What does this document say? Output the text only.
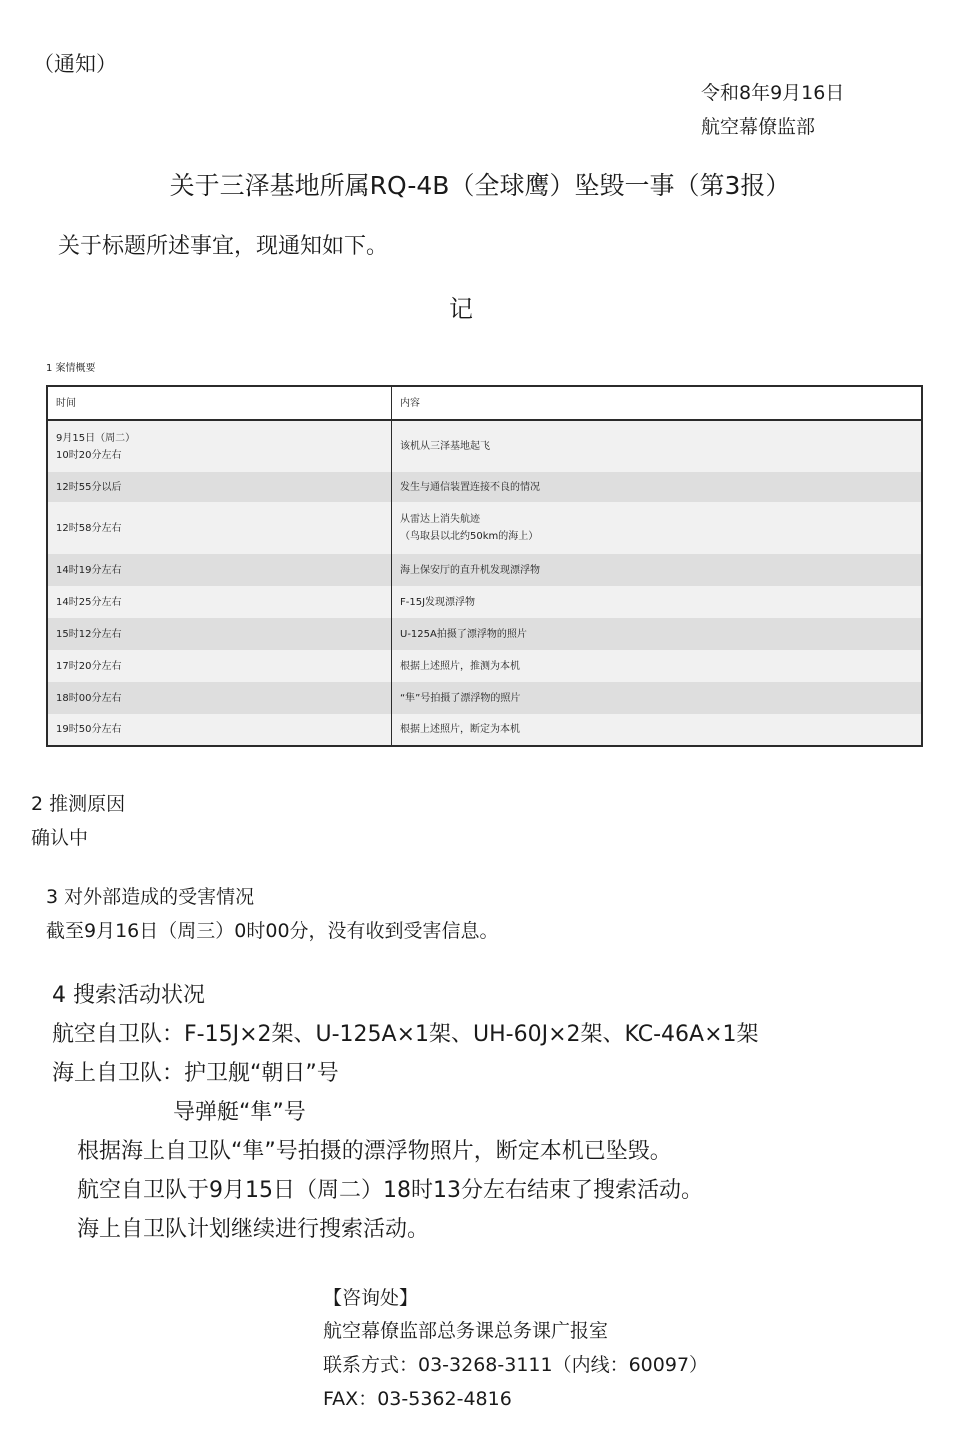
（通知）
令和8年9月16日
航空幕僚监部
关于三泽基地所属RQ-4B（全球鹰）坠毁一事（第3报）
关于标题所述事宜，现通知如下。
记
1 案情概要
时间	内容
9月15日（周二）
10时20分左右	该机从三泽基地起飞
12时55分以后	发生与通信装置连接不良的情况
12时58分左右	从雷达上消失航迹
（鸟取县以北约50km的海上）
14时19分左右	海上保安厅的直升机发现漂浮物
14时25分左右	F-15J发现漂浮物
15时12分左右	U-125A拍摄了漂浮物的照片
17时20分左右	根据上述照片，推测为本机
18时00分左右	“隼”号拍摄了漂浮物的照片
19时50分左右	根据上述照片，断定为本机
2 推测原因
确认中
3 对外部造成的受害情况
截至9月16日（周三）0时00分，没有收到受害信息。
4 搜索活动状况
航空自卫队：F-15J×2架、U-125A×1架、UH-60J×2架、KC-46A×1架
海上自卫队：护卫舰“朝日”号
导弹艇“隼”号
根据海上自卫队“隼”号拍摄的漂浮物照片，断定本机已坠毁。
航空自卫队于9月15日（周二）18时13分左右结束了搜索活动。
海上自卫队计划继续进行搜索活动。
【咨询处】
航空幕僚监部总务课总务课广报室
联系方式：03-3268-3111（内线：60097）
FAX：03-5362-4816
